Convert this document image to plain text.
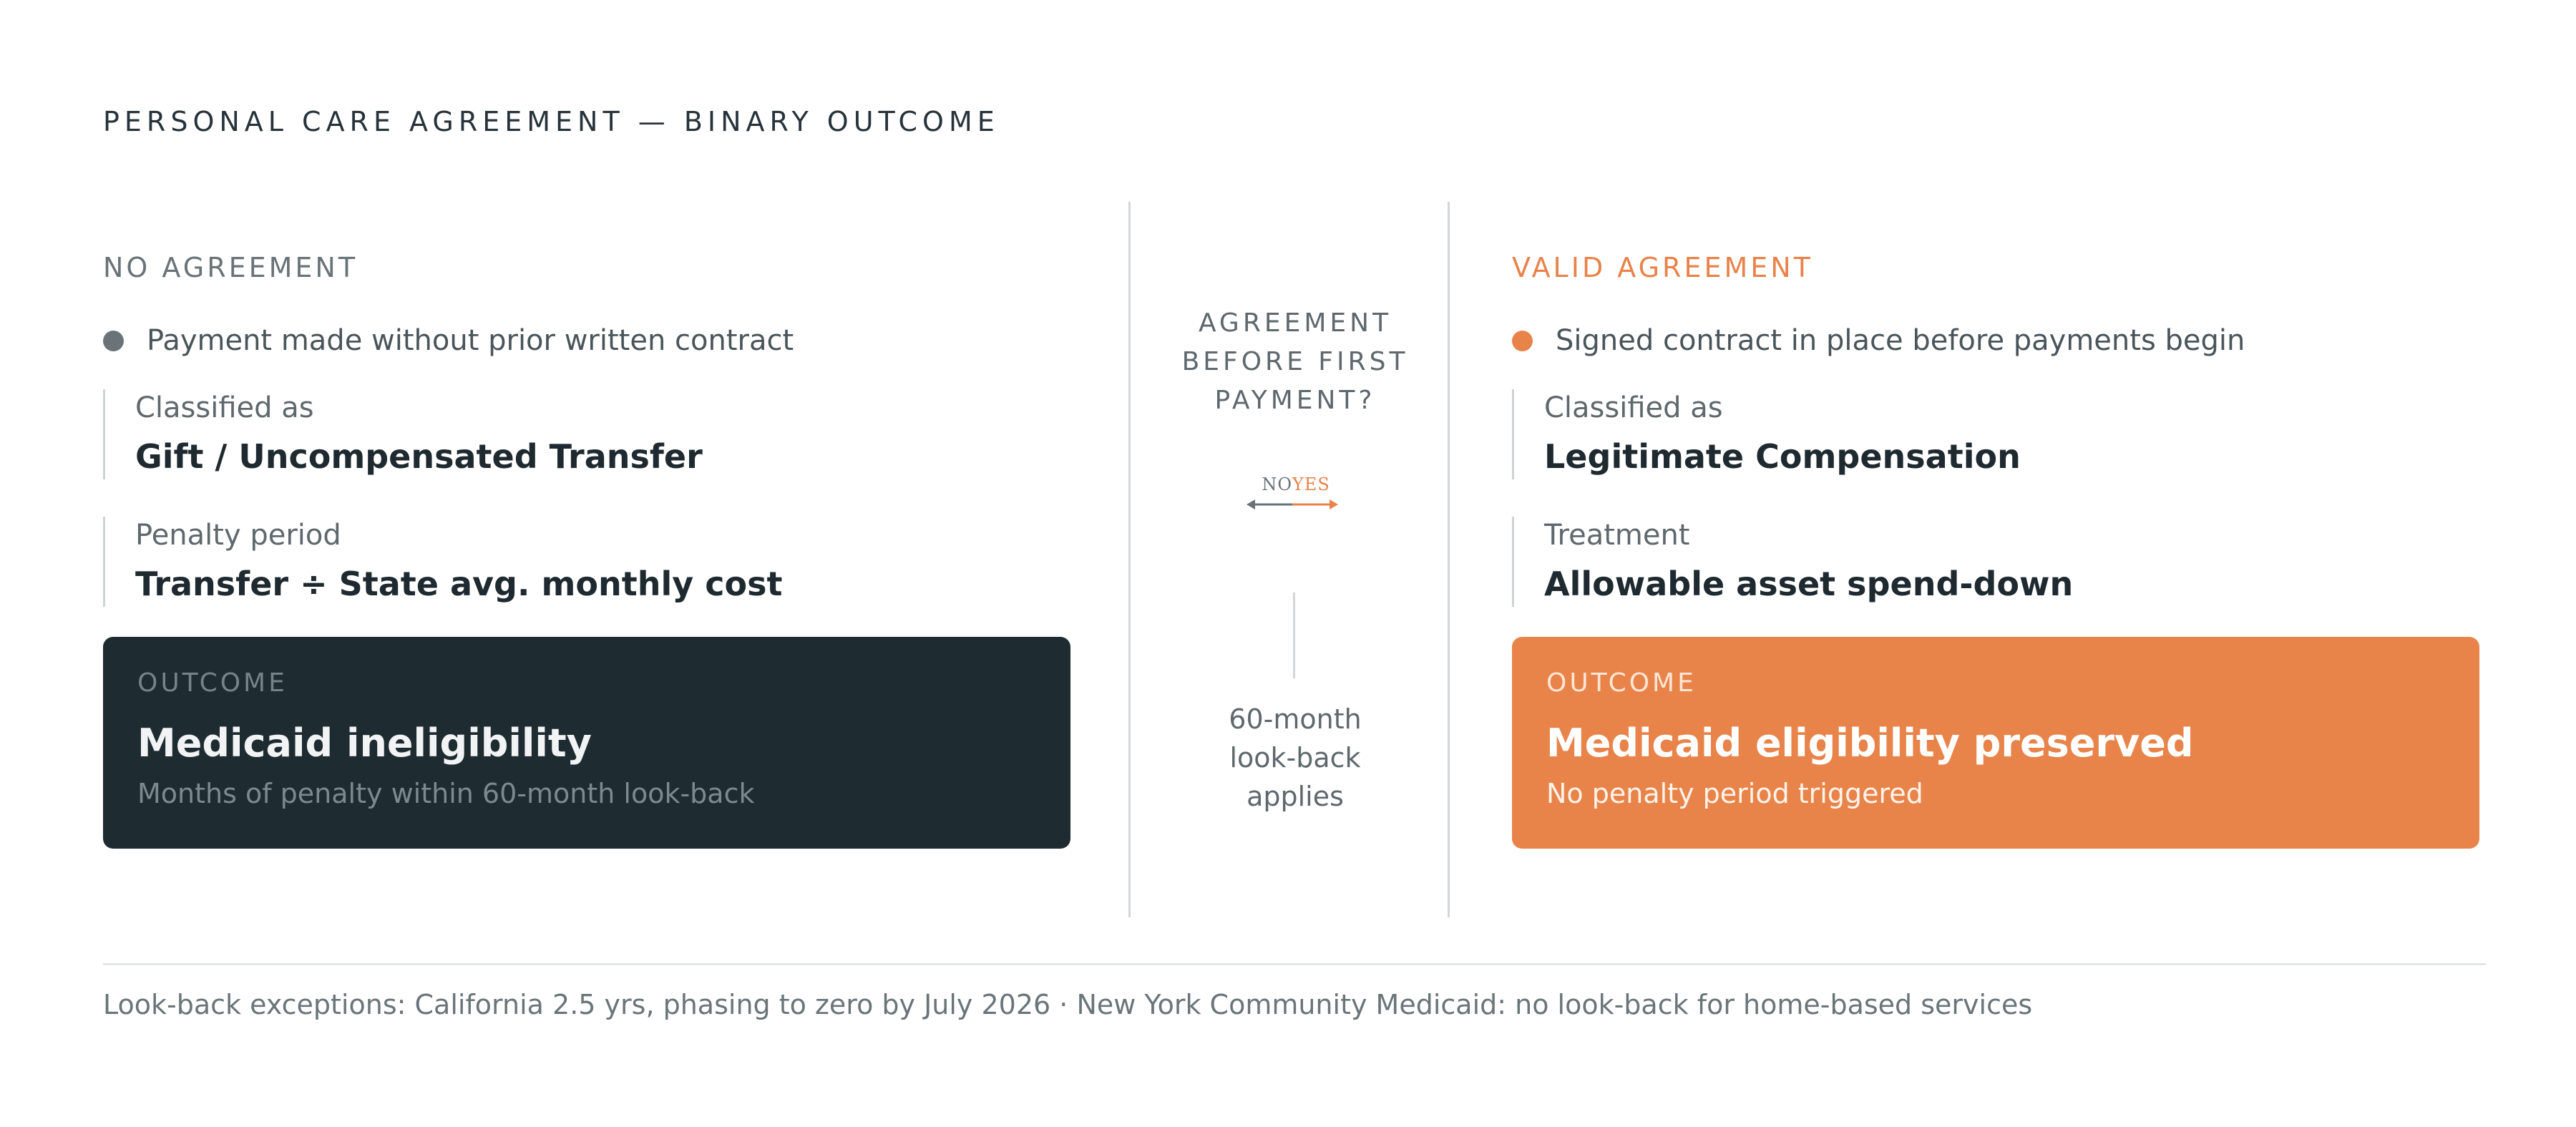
PERSONAL CARE AGREEMENT — BINARY OUTCOME
NO AGREEMENT
Payment made without prior written contract
Classified as
Gift / Uncompensated Transfer
Penalty period
Transfer ÷ State avg. monthly cost
OUTCOME
Medicaid ineligibility
Months of penalty within 60-month look-back
AGREEMENT BEFORE FIRST PAYMENT?
NO YES
60-month look-back applies
VALID AGREEMENT
Signed contract in place before payments begin
Classified as
Legitimate Compensation
Treatment
Allowable asset spend-down
OUTCOME
Medicaid eligibility preserved
No penalty period triggered
Look-back exceptions: California 2.5 yrs, phasing to zero by July 2026 · New York Community Medicaid: no look-back for home-based services
